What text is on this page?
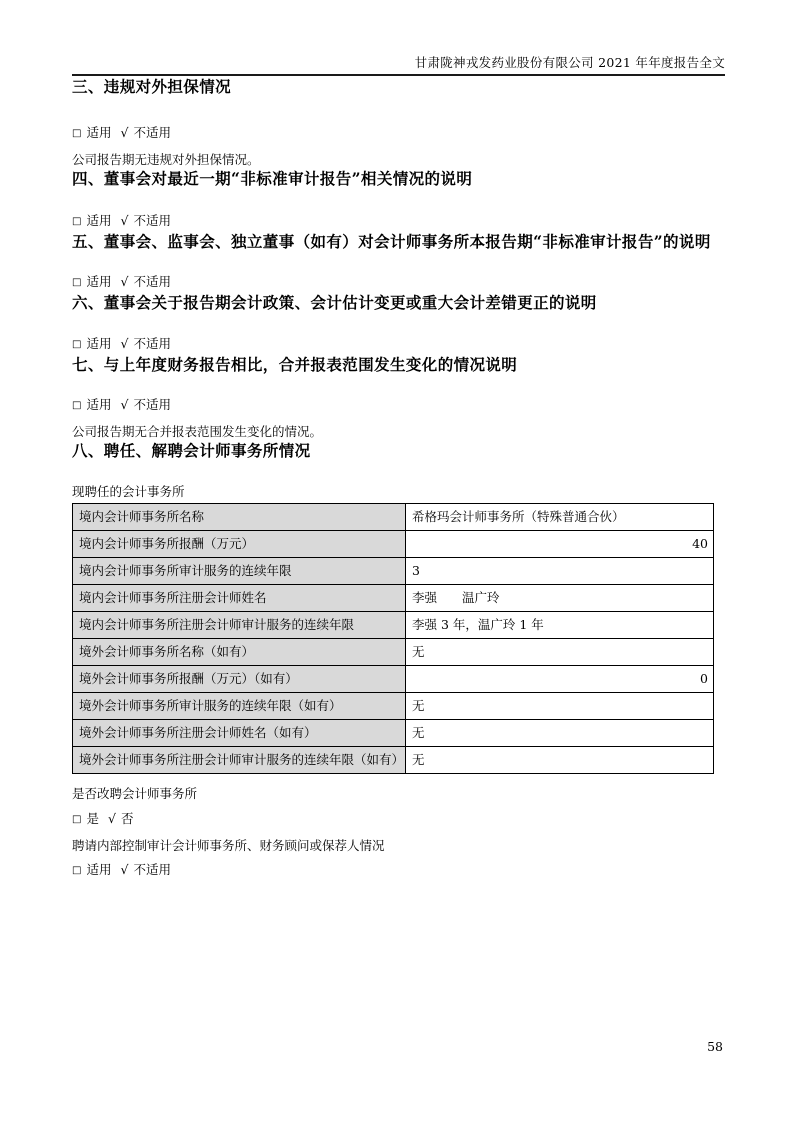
甘肃陇神戎发药业股份有限公司 2021 年年度报告全文
三、违规对外担保情况

□ 适用 √ 不适用

公司报告期无违规对外担保情况。

四、董事会对最近一期“非标准审计报告”相关情况的说明

□ 适用 √ 不适用

五、董事会、监事会、独立董事（如有）对会计师事务所本报告期“非标准审计报告”的说明

□ 适用 √ 不适用

六、董事会关于报告期会计政策、会计估计变更或重大会计差错更正的说明

□ 适用 √ 不适用

七、与上年度财务报告相比，合并报表范围发生变化的情况说明

□ 适用 √ 不适用

公司报告期无合并报表范围发生变化的情况。

八、聘任、解聘会计师事务所情况

现聘任的会计事务所

境内会计师事务所名称	希格玛会计师事务所（特殊普通合伙）
境内会计师事务所报酬（万元）	40
境内会计师事务所审计服务的连续年限	3
境内会计师事务所注册会计师姓名	李强　　温广玲
境内会计师事务所注册会计师审计服务的连续年限	李强 3 年，温广玲 1 年
境外会计师事务所名称（如有）	无
境外会计师事务所报酬（万元）（如有）	0
境外会计师事务所审计服务的连续年限（如有）	无
境外会计师事务所注册会计师姓名（如有）	无
境外会计师事务所注册会计师审计服务的连续年限（如有）	无

是否改聘会计师事务所

□ 是 √ 否

聘请内部控制审计会计师事务所、财务顾问或保荐人情况

□ 适用 √ 不适用

58
